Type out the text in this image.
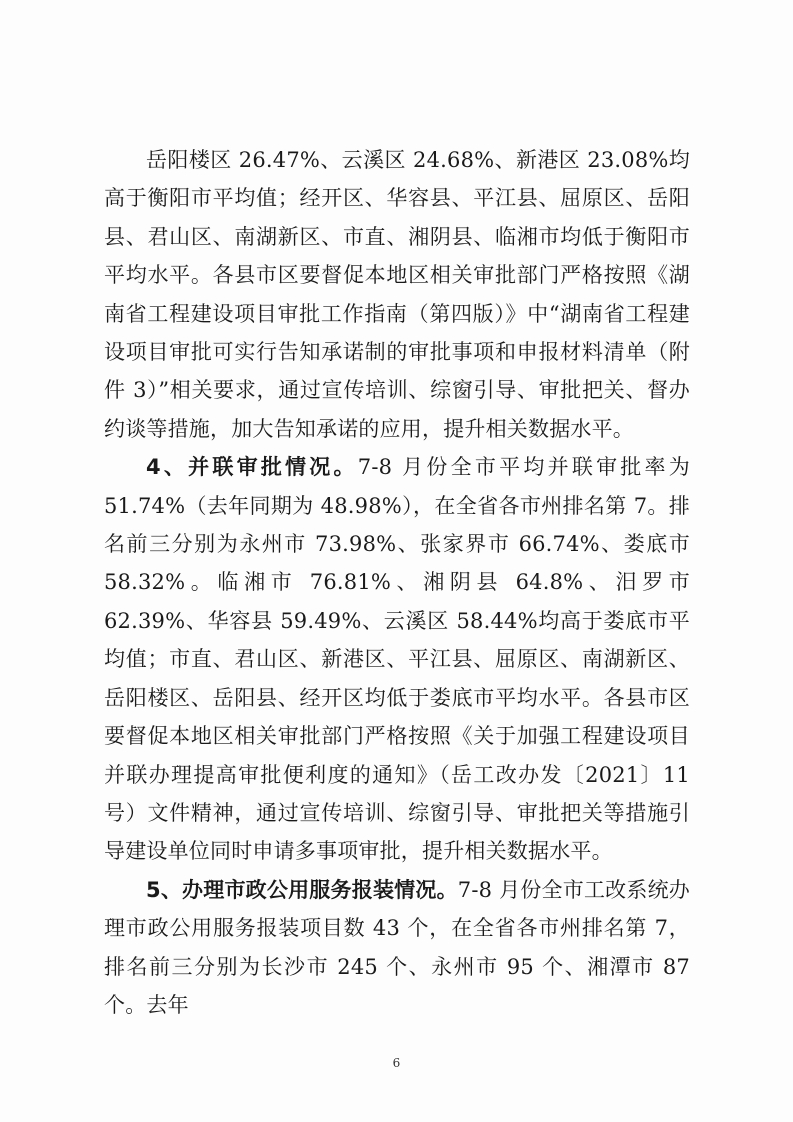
岳阳楼区 26.47%、云溪区 24.68%、新港区 23.08%均高于衡阳市平均值；经开区、华容县、平江县、屈原区、岳阳县、君山区、南湖新区、市直、湘阴县、临湘市均低于衡阳市平均水平。各县市区要督促本地区相关审批部门严格按照《湖南省工程建设项目审批工作指南（第四版）》中“湖南省工程建设项目审批可实行告知承诺制的审批事项和申报材料清单（附件 3）”相关要求，通过宣传培训、综窗引导、审批把关、督办约谈等措施，加大告知承诺的应用，提升相关数据水平。

4、并联审批情况。7-8 月份全市平均并联审批率为 51.74%（去年同期为 48.98%），在全省各市州排名第 7。排名前三分别为永州市 73.98%、张家界市 66.74%、娄底市 58.32%。临湘市 76.81%、湘阴县 64.8%、汨罗市 62.39%、华容县 59.49%、云溪区 58.44%均高于娄底市平均值；市直、君山区、新港区、平江县、屈原区、南湖新区、岳阳楼区、岳阳县、经开区均低于娄底市平均水平。各县市区要督促本地区相关审批部门严格按照《关于加强工程建设项目并联办理提高审批便利度的通知》（岳工改办发〔2021〕11 号）文件精神，通过宣传培训、综窗引导、审批把关等措施引导建设单位同时申请多事项审批，提升相关数据水平。

5、办理市政公用服务报装情况。7-8 月份全市工改系统办理市政公用服务报装项目数 43 个，在全省各市州排名第 7，排名前三分别为长沙市 245 个、永州市 95 个、湘潭市 87 个。去年

6
